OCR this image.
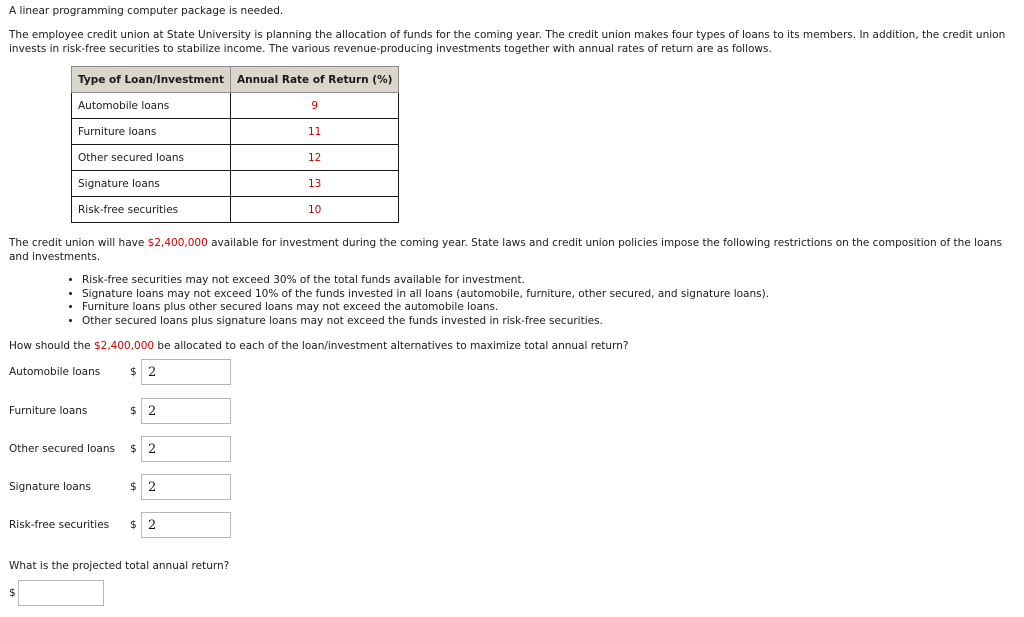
A linear programming computer package is needed.

The employee credit union at State University is planning the allocation of funds for the coming year. The credit union makes four types of loans to its members. In addition, the credit union invests in risk-free securities to stabilize income. The various revenue-producing investments together with annual rates of return are as follows.

Type of Loan/Investment	Annual Rate of Return (%)
Automobile loans	9
Furniture loans	11
Other secured loans	12
Signature loans	13
Risk-free securities	10

The credit union will have $2,400,000 available for investment during the coming year. State laws and credit union policies impose the following restrictions on the composition of the loans and investments.

• Risk-free securities may not exceed 30% of the total funds available for investment.
• Signature loans may not exceed 10% of the funds invested in all loans (automobile, furniture, other secured, and signature loans).
• Furniture loans plus other secured loans may not exceed the automobile loans.
• Other secured loans plus signature loans may not exceed the funds invested in risk-free securities.

How should the $2,400,000 be allocated to each of the loan/investment alternatives to maximize total annual return?

Automobile loans	$
2
Furniture loans	$
2
Other secured loans $
2
Signature loans	$
2
Risk-free securities $
2

What is the projected total annual return?

$
